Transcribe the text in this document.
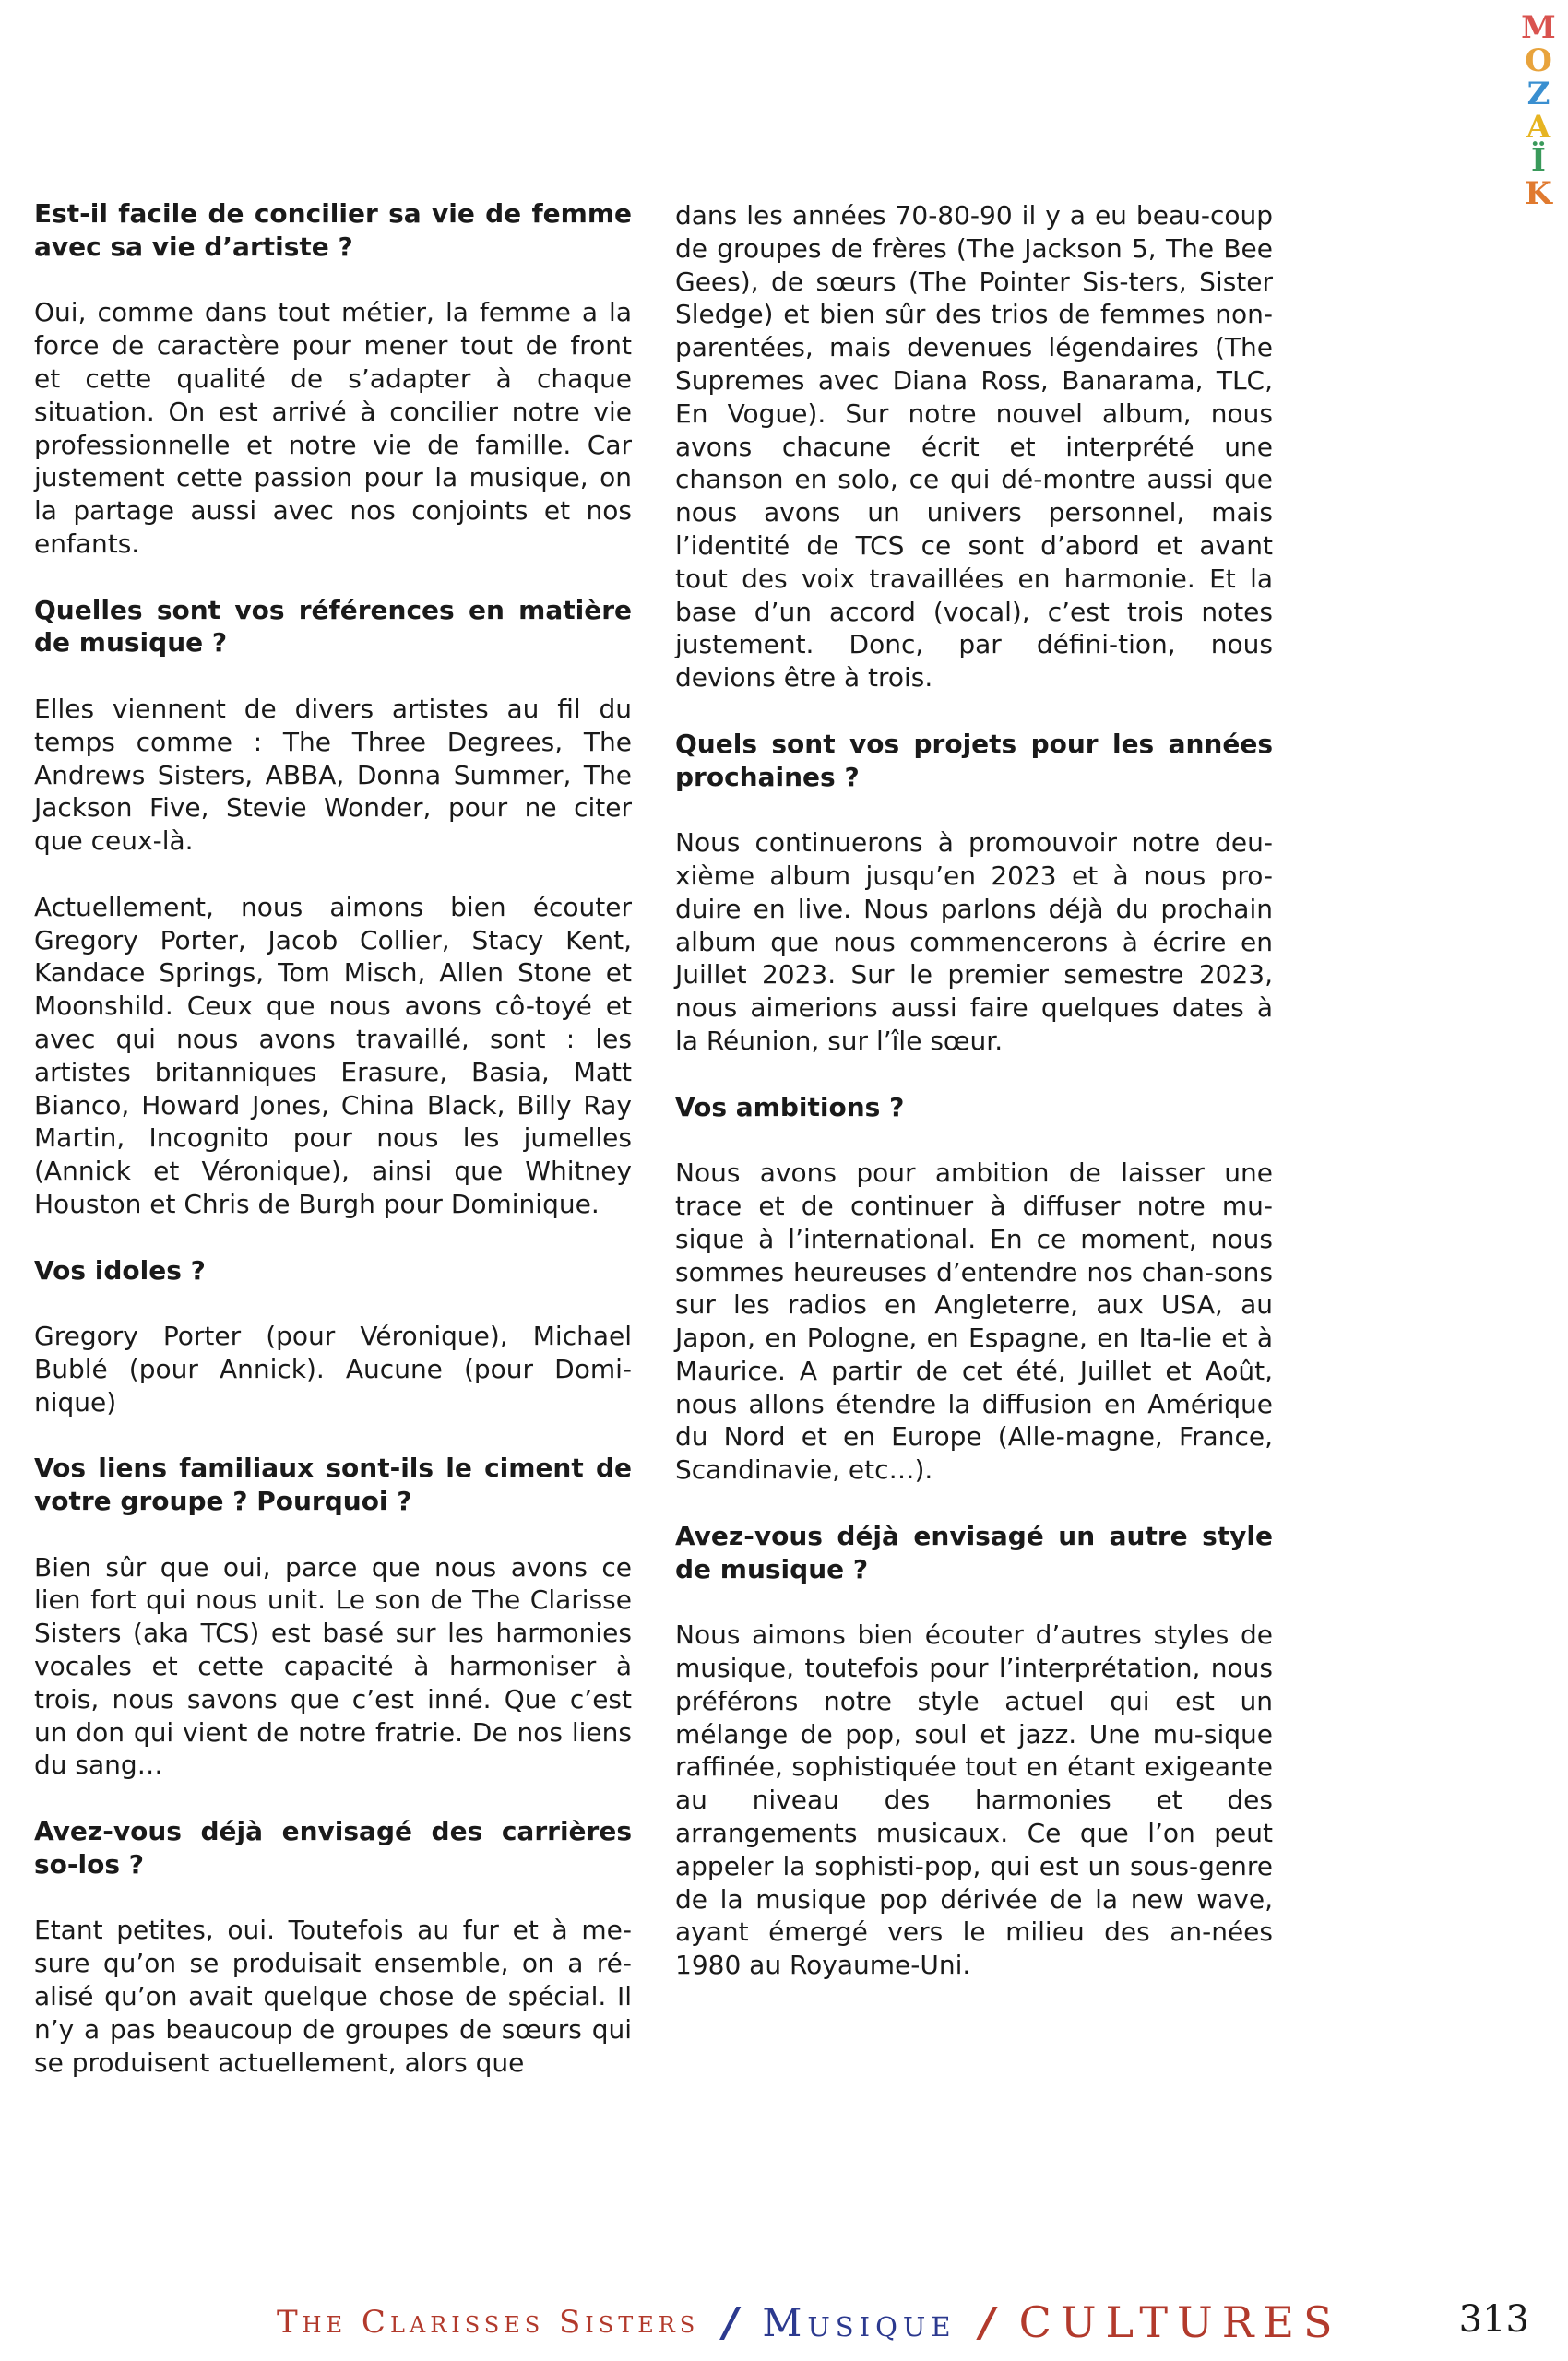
M
O
Z
A
Ï
K

Est-il facile de concilier sa vie de femme avec sa vie d’artiste ?

Oui, comme dans tout métier, la femme a la force de caractère pour mener tout de front et cette qualité de s’adapter à chaque situation. On est arrivé à concilier notre vie professionnelle et notre vie de famille. Car justement cette passion pour la musique, on la partage aussi avec nos conjoints et nos enfants.

Quelles sont vos références en matière de musique ?

Elles viennent de divers artistes au fil du temps comme : The Three Degrees, The Andrews Sisters, ABBA, Donna Summer, The Jackson Five, Stevie Wonder, pour ne citer que ceux-là.

Actuellement, nous aimons bien écouter Gregory Porter, Jacob Collier, Stacy Kent, Kandace Springs, Tom Misch, Allen Stone et Moonshild. Ceux que nous avons cô-toyé et avec qui nous avons travaillé, sont : les artistes britanniques Erasure, Basia, Matt Bianco, Howard Jones, China Black, Billy Ray Martin, Incognito pour nous les jumelles (Annick et Véronique), ainsi que Whitney Houston et Chris de Burgh pour Dominique.

Vos idoles ?

Gregory Porter (pour Véronique), Michael Bublé (pour Annick). Aucune (pour Domi-nique)

Vos liens familiaux sont-ils le ciment de votre groupe ? Pourquoi ?

Bien sûr que oui, parce que nous avons ce lien fort qui nous unit. Le son de The Clarisse Sisters (aka TCS) est basé sur les harmonies vocales et cette capacité à harmoniser à trois, nous savons que c’est inné. Que c’est un don qui vient de notre fratrie. De nos liens du sang…

Avez-vous déjà envisagé des carrières so-los ?

Etant petites, oui. Toutefois au fur et à me-sure qu’on se produisait ensemble, on a ré-alisé qu’on avait quelque chose de spécial. Il n’y a pas beaucoup de groupes de sœurs qui se produisent actuellement, alors que

dans les années 70-80-90 il y a eu beau-coup de groupes de frères (The Jackson 5, The Bee Gees), de sœurs (The Pointer Sis-ters, Sister Sledge) et bien sûr des trios de femmes non-parentées, mais devenues légendaires (The Supremes avec Diana Ross, Banarama, TLC, En Vogue). Sur notre nouvel album, nous avons chacune écrit et interprété une chanson en solo, ce qui dé-montre aussi que nous avons un univers personnel, mais l’identité de TCS ce sont d’abord et avant tout des voix travaillées en harmonie. Et la base d’un accord (vocal), c’est trois notes justement. Donc, par défini-tion, nous devions être à trois.

Quels sont vos projets pour les années prochaines ?

Nous continuerons à promouvoir notre deu-xième album jusqu’en 2023 et à nous pro-duire en live. Nous parlons déjà du prochain album que nous commencerons à écrire en Juillet 2023. Sur le premier semestre 2023, nous aimerions aussi faire quelques dates à la Réunion, sur l’île sœur.

Vos ambitions ?

Nous avons pour ambition de laisser une trace et de continuer à diffuser notre mu-sique à l’international. En ce moment, nous sommes heureuses d’entendre nos chan-sons sur les radios en Angleterre, aux USA, au Japon, en Pologne, en Espagne, en Ita-lie et à Maurice. A partir de cet été, Juillet et Août, nous allons étendre la diffusion en Amérique du Nord et en Europe (Alle-magne, France, Scandinavie, etc…).

Avez-vous déjà envisagé un autre style de musique ?

Nous aimons bien écouter d’autres styles de musique, toutefois pour l’interprétation, nous préférons notre style actuel qui est un mélange de pop, soul et jazz. Une mu-sique raffinée, sophistiquée tout en étant exigeante au niveau des harmonies et des arrangements musicaux. Ce que l’on peut appeler la sophisti-pop, qui est un sous-genre de la musique pop dérivée de la new wave, ayant émergé vers le milieu des an-nées 1980 au Royaume-Uni.

The Clarisses Sisters / Musique / CULTURES	313
